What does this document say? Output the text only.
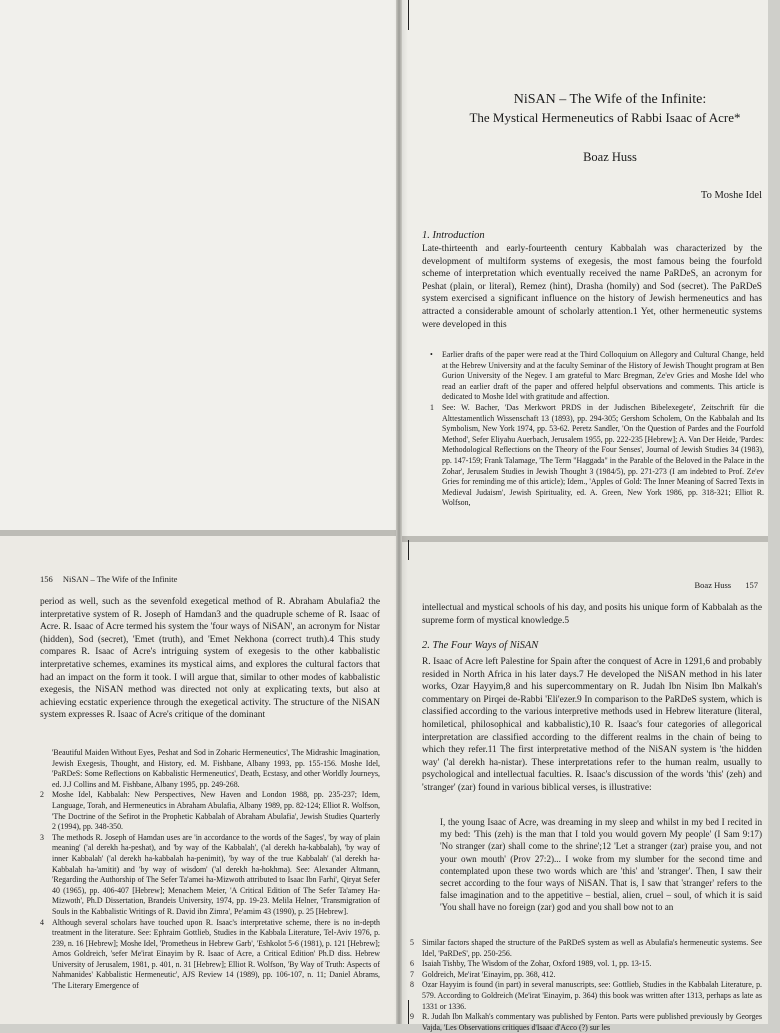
NiSAN – The Wife of the Infinite:
The Mystical Hermeneutics of Rabbi Isaac of Acre*
Boaz Huss
To Moshe Idel
1. Introduction

Late-thirteenth and early-fourteenth century Kabbalah was characterized by the development of multiform systems of exegesis, the most famous being the fourfold scheme of interpretation which eventually received the name PaRDeS, an acronym for Peshat (plain, or literal), Remez (hint), Drasha (homily) and Sod (secret). The PaRDeS system exercised a significant influence on the history of Jewish hermeneutics and has attracted a considerable amount of scholarly attention.1 Yet, other hermeneutic systems were developed in this

•	Earlier drafts of the paper were read at the Third Colloquium on Allegory and Cultural Change, held at the Hebrew University and at the faculty Seminar of the History of Jewish Thought program at Ben Gurion University of the Negev. I am grateful to Marc Bregman, Ze'ev Gries and Moshe Idel who read an earlier draft of the paper and offered helpful observations and comments. This article is dedicated to Moshe Idel with gratitude and affection.
1	See: W. Bacher, 'Das Merkwort PRDS in der Judischen Bibelexegete', Zeitschrift für die Alttestamentlich Wissenschaft 13 (1893), pp. 294-305; Gershom Scholem, On the Kabbalah and Its Symbolism, New York 1974, pp. 53-62. Peretz Sandler, 'On the Question of Pardes and the Fourfold Method', Sefer Eliyahu Auerbach, Jerusalem 1955, pp. 222-235 [Hebrew]; A. Van Der Heide, 'Pardes: Methodological Reflections on the Theory of the Four Senses', Journal of Jewish Studies 34 (1983), pp. 147-159; Frank Talamage, 'The Term "Haggada" in the Parable of the Beloved in the Palace in the Zohar', Jerusalem Studies in Jewish Thought 3 (1984/5), pp. 271-273 (I am indebted to Prof. Ze'ev Gries for reminding me of this article); Idem., 'Apples of Gold: The Inner Meaning of Sacred Texts in Medieval Judaism', Jewish Spirituality, ed. A. Green, New York 1986, pp. 318-321; Elliot R. Wolfson,
156 NiSAN – The Wife of the Infinite

period as well, such as the sevenfold exegetical method of R. Abraham Abulafia2 the interpretative system of R. Joseph of Hamdan3 and the quadruple scheme of R. Isaac of Acre. R. Isaac of Acre termed his system the 'four ways of NiSAN', an acronym for Nistar (hidden), Sod (secret), 'Emet (truth), and 'Emet Nekhona (correct truth).4 This study compares R. Isaac of Acre's intriguing system of exegesis to the other kabbalistic interpretative schemes, examines its mystical aims, and explores the cultural factors that had an impact on the form it took. I will argue that, similar to other modes of kabbalistic exegesis, the NiSAN method was directed not only at explicating texts, but also at achieving ecstatic experience through the exegetical activity. The structure of the NiSAN system expresses R. Isaac of Acre's critique of the dominant

'Beautiful Maiden Without Eyes, Peshat and Sod in Zoharic Hermeneutics', The Midrashic Imagination, Jewish Exegesis, Thought, and History, ed. M. Fishbane, Albany 1993, pp. 155-156. Moshe Idel, 'PaRDeS: Some Reflections on Kabbalistic Hermeneutics', Death, Ecstasy, and other Worldly Journeys, ed. J.J Collins and M. Fishbane, Albany 1995, pp. 249-268.
2	Moshe Idel, Kabbalah: New Perspectives, New Haven and London 1988, pp. 235-237; Idem, Language, Torah, and Hermeneutics in Abraham Abulafia, Albany 1989, pp. 82-124; Elliot R. Wolfson, 'The Doctrine of the Sefirot in the Prophetic Kabbalah of Abraham Abulafia', Jewish Studies Quarterly 2 (1994), pp. 348-350.
3	The methods R. Joseph of Hamdan uses are 'in accordance to the words of the Sages', 'by way of plain meaning' ('al derekh ha-peshat), and 'by way of the Kabbalah', ('al derekh ha-kabbalah), 'by way of inner Kabbalah' ('al derekh ha-kabbalah ha-penimit), 'by way of the true Kabbalah' ('al derekh ha-Kabbalah ha-'amitit) and 'by way of wisdom' ('al derekh ha-hokhma). See: Alexander Altmann, 'Regarding the Authorship of The Sefer Ta'amei ha-Mizwoth attributed to Isaac Ibn Farhi', Qiryat Sefer 40 (1965), pp. 406-407 [Hebrew]; Menachem Meier, 'A Critical Edition of The Sefer Ta'amey Ha-Mizwoth', Ph.D Dissertation, Brandeis University, 1974, pp. 19-23. Melila Helner, 'Transmigration of Souls in the Kabbalistic Writings of R. David ibn Zimra', Pe'amim 43 (1990), p. 25 [Hebrew].
4	Although several scholars have touched upon R. Isaac's interpretative scheme, there is no in-depth treatment in the literature. See: Ephraim Gottlieb, Studies in the Kabbala Literature, Tel-Aviv 1976, p. 239, n. 16 [Hebrew]; Moshe Idel, 'Prometheus in Hebrew Garb', 'Eshkolot 5-6 (1981), p. 121 [Hebrew]; Amos Goldreich, 'sefer Me'irat Einayim by R. Isaac of Acre, a Critical Edition' Ph.D diss. Hebrew University of Jerusalem, 1981, p. 401, n. 31 [Hebrew]; Elliot R. Wolfson, 'By Way of Truth: Aspects of Nahmanides' Kabbalistic Hermeneutic', AJS Review 14 (1989), pp. 106-107, n. 11; Daniel Abrams, 'The Literary Emergence of
Boaz Huss 157

intellectual and mystical schools of his day, and posits his unique form of Kabbalah as the supreme form of mystical knowledge.5

2. The Four Ways of NiSAN

R. Isaac of Acre left Palestine for Spain after the conquest of Acre in 1291,6 and probably resided in North Africa in his later days.7 He developed the NiSAN method in his later works, Ozar Hayyim,8 and his supercommentary on R. Judah Ibn Nisim Ibn Malkah's commentary on Pirqei de-Rabbi 'Eli'ezer.9 In comparison to the PaRDeS system, which is classified according to the various interpretive methods used in Hebrew literature (literal, homiletical, philosophical and kabbalistic),10 R. Isaac's four categories of allegorical interpretation are classified according to the different realms in the chain of being to which they refer.11 The first interpretative method of the NiSAN system is 'the hidden way' ('al derekh ha-nistar). These interpretations refer to the human realm, usually to psychological and intellectual faculties. R. Isaac's discussion of the words 'this' (zeh) and 'stranger' (zar) found in various biblical verses, is illustrative:

I, the young Isaac of Acre, was dreaming in my sleep and whilst in my bed I recited in my bed: 'This (zeh) is the man that I told you would govern My people' (I Sam 9:17) 'No stranger (zar) shall come to the shrine';12 'Let a stranger (zar) praise you, and not your own mouth' (Prov 27:2)... I woke from my slumber for the second time and contemplated upon these two words which are 'this' and 'stranger'. Then, I saw their secret according to the four ways of NiSAN. That is, I saw that 'stranger' refers to the false imagination and to the appetitive – bestial, alien, cruel – soul, of which it is said 'You shall have no foreign (zar) god and you shall bow not to an

5	Similar factors shaped the structure of the PaRDeS system as well as Abulafia's hermeneutic systems. See Idel, 'PaRDeS', pp. 250-256.
6	Isaiah Tishby, The Wisdom of the Zohar, Oxford 1989, vol. 1, pp. 13-15.
7	Goldreich, Me'irat 'Einayim, pp. 368, 412.
8	Ozar Hayyim is found (in part) in several manuscripts, see: Gottlieb, Studies in the Kabbalah Literature, p. 579. According to Goldreich (Me'irat 'Einayim, p. 364) this book was written after 1313, perhaps as late as 1331 or 1336.
9	R. Judah Ibn Malkah's commentary was published by Fenton. Parts were published previously by Georges Vajda, 'Les Observations critiques d'Isaac d'Acco (?) sur les
